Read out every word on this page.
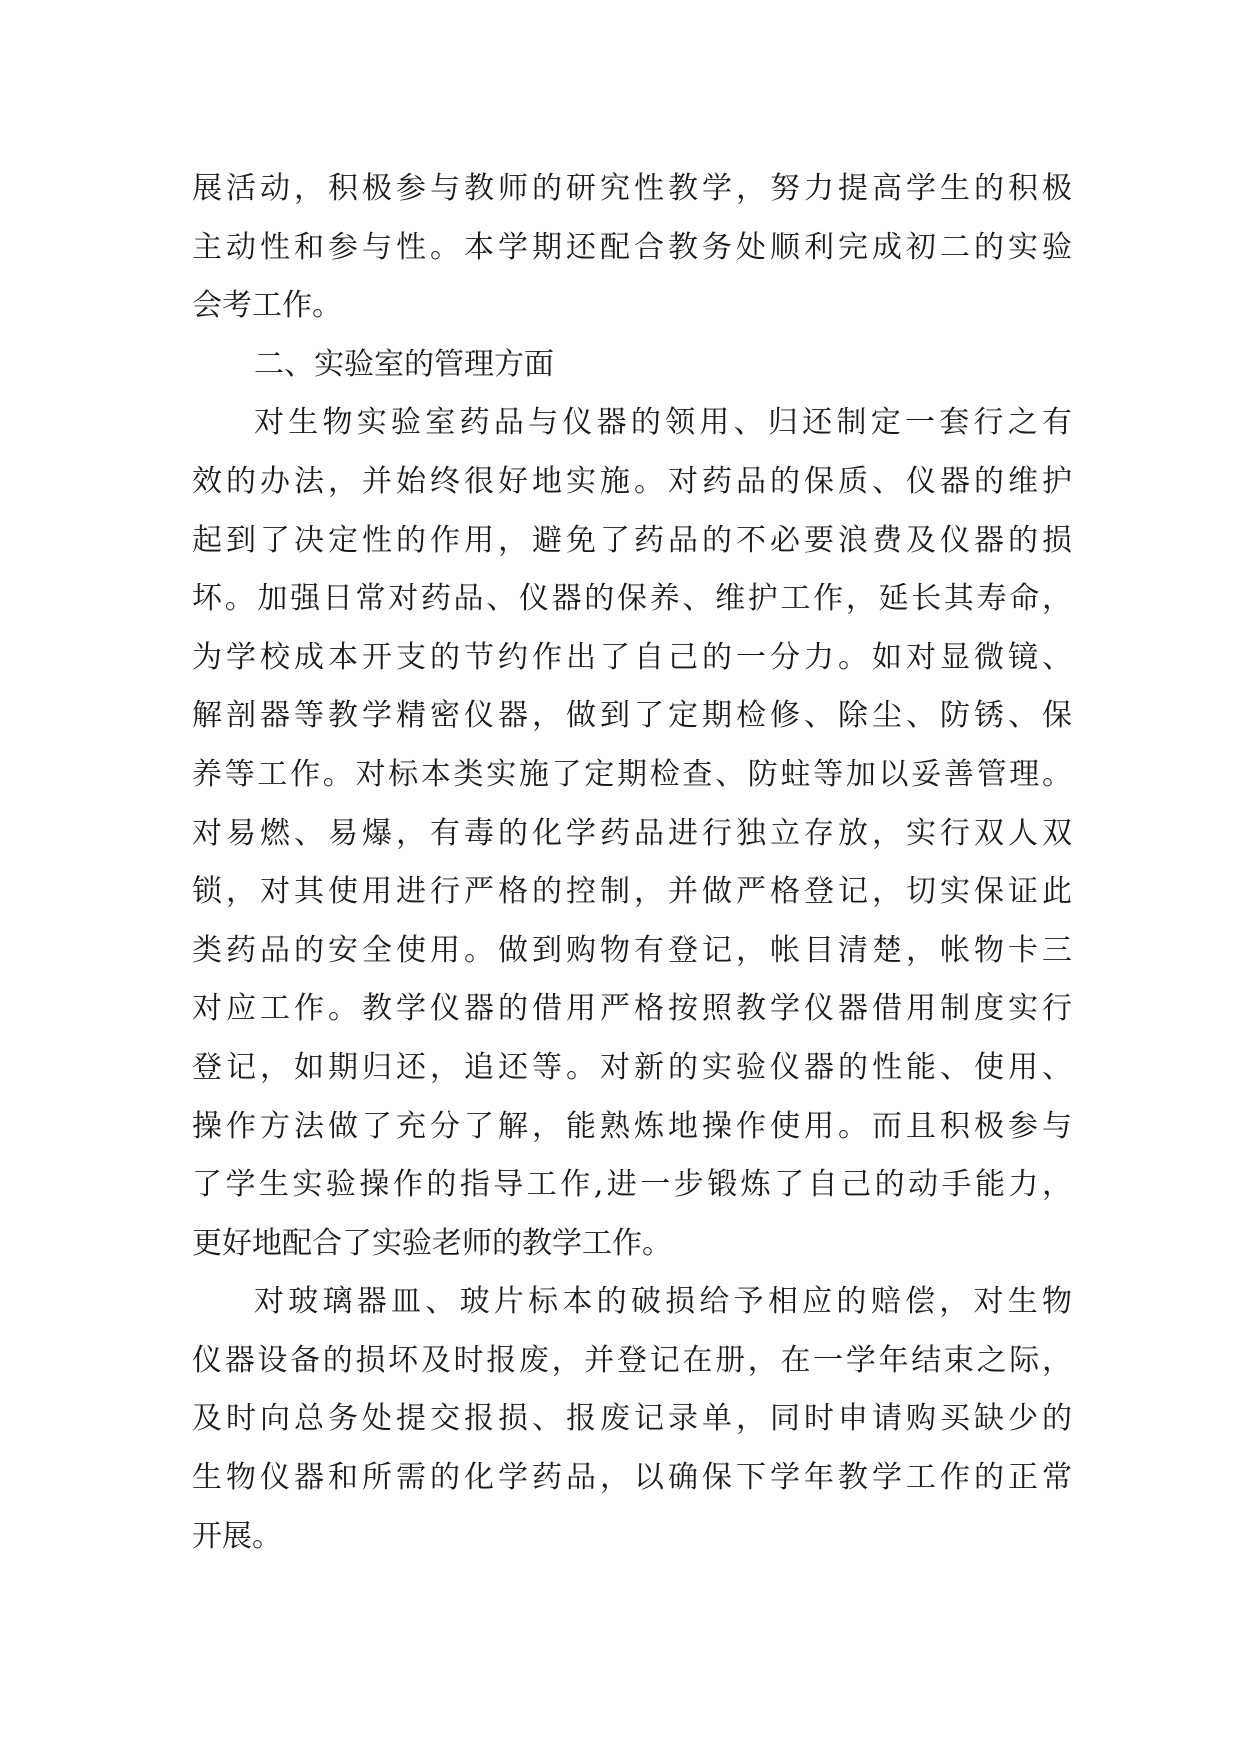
展活动，积极参与教师的研究性教学，努力提高学生的积极
主动性和参与性。本学期还配合教务处顺利完成初二的实验
会考工作。
二、实验室的管理方面
对生物实验室药品与仪器的领用、归还制定一套行之有
效的办法，并始终很好地实施。对药品的保质、仪器的维护
起到了决定性的作用，避免了药品的不必要浪费及仪器的损
坏。加强日常对药品、仪器的保养、维护工作，延长其寿命，
为学校成本开支的节约作出了自己的一分力。如对显微镜、
解剖器等教学精密仪器，做到了定期检修、除尘、防锈、保
养等工作。对标本类实施了定期检查、防蛀等加以妥善管理。
对易燃、易爆，有毒的化学药品进行独立存放，实行双人双
锁，对其使用进行严格的控制，并做严格登记，切实保证此
类药品的安全使用。做到购物有登记，帐目清楚，帐物卡三
对应工作。教学仪器的借用严格按照教学仪器借用制度实行
登记，如期归还，追还等。对新的实验仪器的性能、使用、
操作方法做了充分了解，能熟炼地操作使用。而且积极参与
了学生实验操作的指导工作,进一步锻炼了自己的动手能力，
更好地配合了实验老师的教学工作。
对玻璃器皿、玻片标本的破损给予相应的赔偿，对生物
仪器设备的损坏及时报废，并登记在册，在一学年结束之际，
及时向总务处提交报损、报废记录单，同时申请购买缺少的
生物仪器和所需的化学药品，以确保下学年教学工作的正常
开展。
